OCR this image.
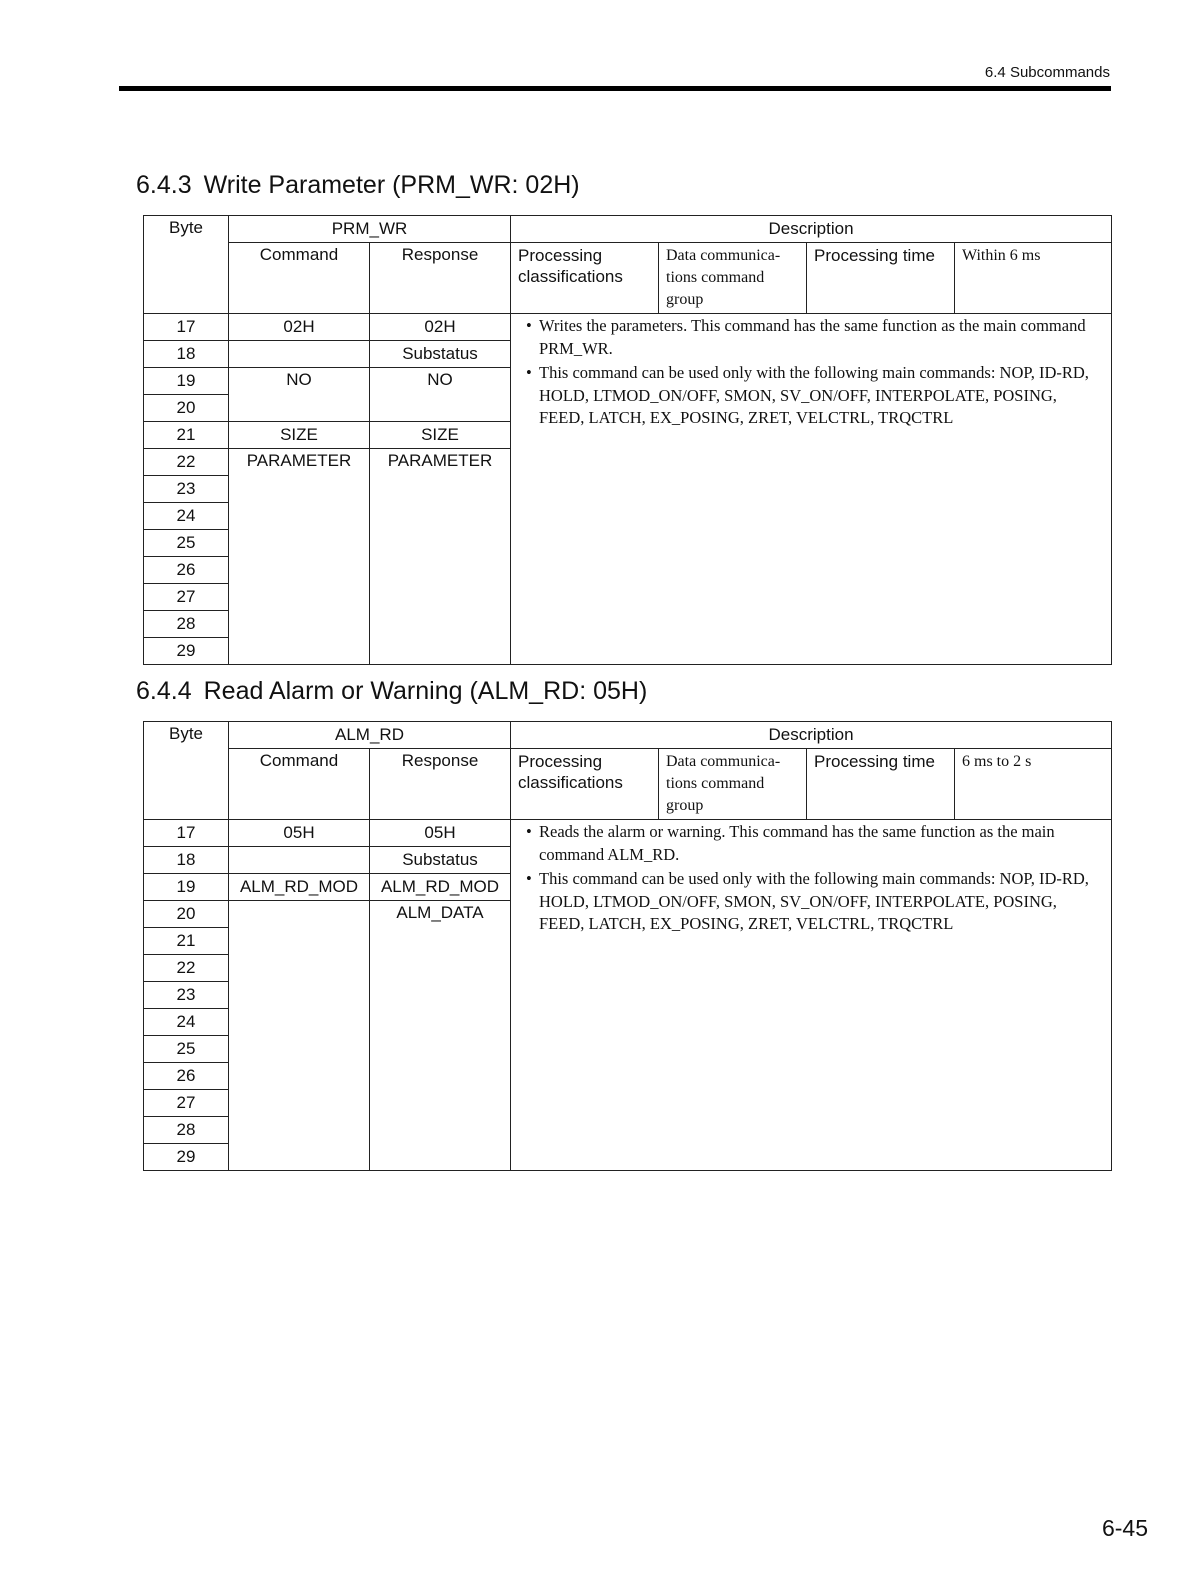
6.4 Subcommands
6.4.3 Write Parameter (PRM_WR: 02H)
Byte	PRM_WR		Description			
	Command	Response	Processing classifications	Data communica-tions command group	Processing time	Within 6 ms

17	02H	02H	• Writes the parameters. This command has the same function as the main command PRM_WR.
• This command can be used only with the following main commands: NOP, ID-RD, HOLD, LTMOD_ON/OFF, SMON, SV_ON/OFF, INTERPOLATE, POSING, FEED, LATCH, EX_POSING, ZRET, VELCTRL, TRQCTRL

18		Substatus				
19	NO	NO				
20						
21	SIZE	SIZE				
22	PARAMETER	PARAMETER				
23						
24						
25						
26						
27						
28						
29						
6.4.4 Read Alarm or Warning (ALM_RD: 05H)
Byte	ALM_RD		Description			
	Command	Response	Processing classifications	Data communica-tions command group	Processing time	6 ms to 2 s

17	05H	05H	• Reads the alarm or warning. This command has the same function as the main command ALM_RD.
• This command can be used only with the following main commands: NOP, ID-RD, HOLD, LTMOD_ON/OFF, SMON, SV_ON/OFF, INTERPOLATE, POSING, FEED, LATCH, EX_POSING, ZRET, VELCTRL, TRQCTRL

18		Substatus				
19	ALM_RD_MOD	ALM_RD_MOD				
20		ALM_DATA				
21						
22						
23						
24						
25						
26						
27						
28						
29						
6-45
